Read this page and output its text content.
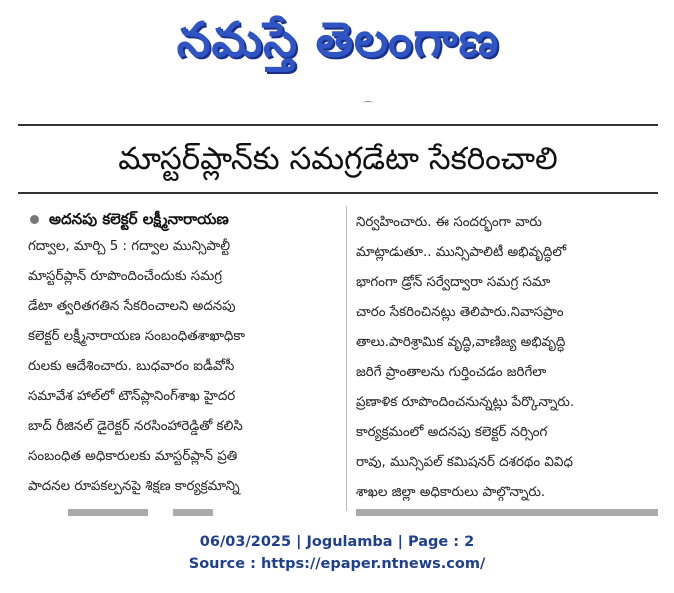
నమస్తే తెలంగాణ
⌒
మాస్టర్‌ప్లాన్‌కు సమగ్రడేటా సేకరించాలి
అదనపు కలెక్టర్ లక్ష్మీనారాయణ
గద్వాల, మార్చి 5 : గద్వాల మున్సిపాల్టీ
మాస్టర్‌ప్లాన్ రూపొందించేందుకు సమగ్ర
డేటా త్వరితగతిన సేకరించాలని అదనపు
కలెక్టర్ లక్ష్మీనారాయణ సంబంధితశాఖాధికా
రులకు ఆదేశించారు. బుధవారం ఐడీవోసీ
సమావేశ హాల్‌లో టౌన్‌ప్లానింగ్‌శాఖ హైదర
బాద్ రీజినల్ డైరెక్టర్ నరసింహారెడ్డితో కలిసి
సంబంధిత అధికారులకు మాస్టర్‌ప్లాన్ ప్రతి
పాదనల రూపకల్పనపై శిక్షణ కార్యక్రమాన్ని
నిర్వహించారు. ఈ సందర్భంగా వారు
మాట్లాడుతూ.. మున్సిపాలిటీ అభివృద్ధిలో
భాగంగా డ్రోన్ సర్వేద్వారా సమగ్ర సమా
చారం సేకరించినట్లు తెలిపారు.నివాసప్రాం
తాలు.పారిశ్రామిక వృద్ధి,వాణిజ్య అభివృద్ధి
జరిగే ప్రాంతాలను గుర్తించడం జరిగేలా
ప్రణాళిక రూపొందించనున్నట్లు పేర్కొన్నారు.
కార్యక్రమంలో అదనపు కలెక్టర్ నర్సింగ
రావు, మున్సిపల్ కమిషనర్ దశరథం వివిధ
శాఖల జిల్లా అధికారులు పాల్గొన్నారు.
06/03/2025 | Jogulamba | Page : 2
Source : https://epaper.ntnews.com/
